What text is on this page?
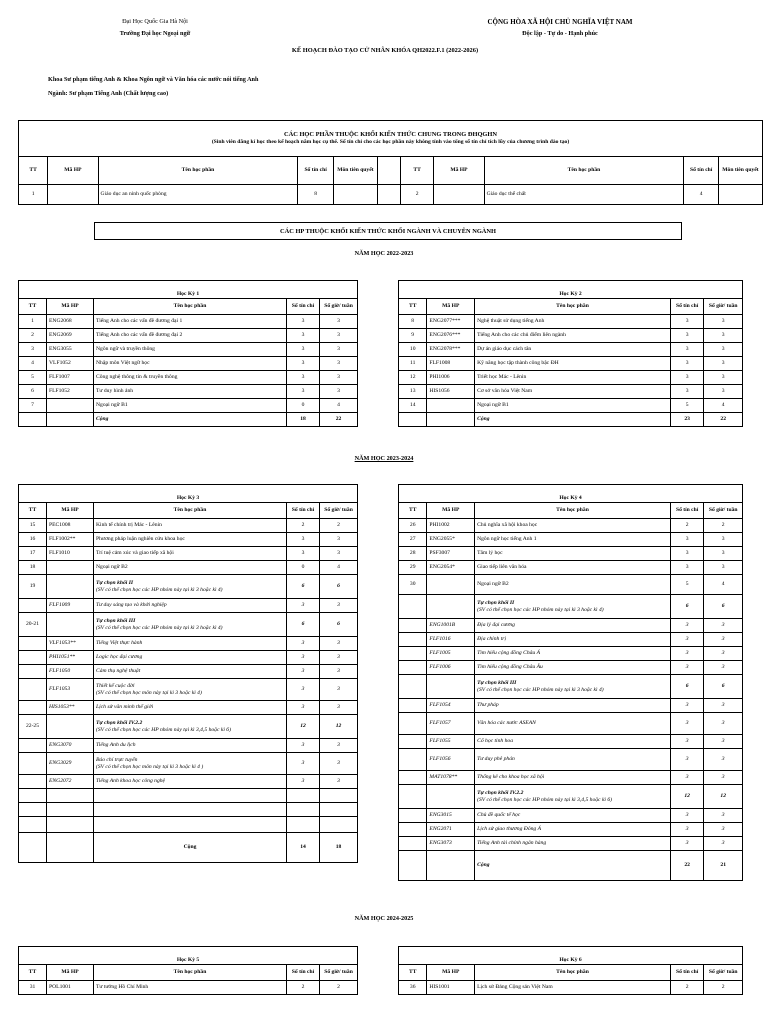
Đại Học Quốc Gia Hà Nội
Trường Đại học Ngoại ngữ
CỘNG HÒA XÃ HỘI CHỦ NGHĨA VIỆT NAM
Độc lập - Tự do - Hạnh phúc
KẾ HOẠCH ĐÀO TẠO CỬ NHÂN KHÓA QH2022.F.1 (2022-2026)
Khoa Sư phạm tiếng Anh & Khoa Ngôn ngữ và Văn hóa các nước nói tiếng Anh
Ngành: Sư phạm Tiếng Anh (Chất lượng cao)
CÁC HỌC PHẦN THUỘC KHỐI KIẾN THỨC CHUNG TRONG ĐHQGHN
(Sinh viên đăng kí học theo kế hoạch năm học cụ thể. Số tín chỉ cho các học phần này không tính vào tổng số tín chỉ tích lũy của chương trình đào tạo)										

TT	Mã HP	Tên học phần	Số tín chỉ	Môn tiên quyết		TT	Mã HP	Tên học phần	Số tín chỉ	Môn tiên quyết
1		Giáo dục an ninh quốc phòng	8			2		Giáo dục thể chất	4	
CÁC HP THUỘC KHỐI KIẾN THỨC KHỐI NGÀNH VÀ CHUYÊN NGÀNH
NĂM HỌC 2022-2023
NĂM HỌC 2023-2024
NĂM HỌC 2024-2025
Học Kỳ 1				
TT	Mã HP	Tên học phần	Số tín chỉ	Số giờ/ tuần
1	ENG2068	Tiếng Anh cho các vấn đề đương đại 1	3	3
2	ENG2069	Tiếng Anh cho các vấn đề đương đại 2	3	3
3	ENG3055	Ngôn ngữ và truyền thông	3	3
4	VLF1052	Nhập môn Việt ngữ học	3	3
5	FLF1007	Công nghệ thông tin & truyền thông	3	3
6	FLF1052	Tư duy hình ảnh	3	3
7		Ngoại ngữ B1	0	4
		Cộng	18	22
Học Kỳ 2				
TT	Mã HP	Tên học phần	Số tín chỉ	Số giờ/ tuần
8	ENG2077***	Nghệ thuật sử dụng tiếng Anh	3	3
9	ENG2076***	Tiếng Anh cho các chủ điểm liên ngành	3	3
10	ENG2078***	Dự án giáo dục cách tân	3	3
11	FLF1008	Kỹ năng học tập thành công bậc ĐH	3	3
12	PHI1006	Triết học Mác - Lênin	3	3
13	HIS1056	Cơ sở văn hóa Việt Nam	3	3
14		Ngoại ngữ B1	5	4
		Cộng	23	22
Học Kỳ 3				
TT	Mã HP	Tên học phần	Số tín chỉ	Số giờ/ tuần
15	PEC1008	Kinh tế chính trị Mác - Lênin	2	2
16	FLF1002**	Phương pháp luận nghiên cứu khoa học	3	3
17	FLF1010	Trí tuệ cảm xúc và giao tiếp xã hội	3	3
18		Ngoại ngữ B2	0	4
19		Tự chọn khối II
(SV có thể chọn học các HP nhóm này tại kì 3 hoặc kì 4)	6	6
	FLF1009	Tư duy sáng tạo và khởi nghiệp	3	3
20-21		Tự chọn khối III
(SV có thể chọn học các HP nhóm này tại kì 3 hoặc kì 4)	6	6
	VLF1053**	Tiếng Việt thực hành	3	3
	PHI1051**	Logic học đại cương	3	3
	FLF1050	Cảm thụ nghệ thuật	3	3
	FLF1053	Thiết kế cuộc đời
(SV có thể chọn học môn này tại kì 3 hoặc kì 4)	3	3
	HIS1053**	Lịch sử văn minh thế giới	3	3
22-25		Tự chọn khối IV.2.2
(SV có thể chọn học các HP nhóm này tại kì 3,4,5 hoặc kì 6)	12	12
	ENG3070	Tiếng Anh du lịch	3	3
	ENG3029	Báo chí trực tuyến
(SV có thể chọn học môn này tại kì 3 hoặc kì 4 )	3	3
	ENG2072	Tiếng Anh khoa học công nghệ	3	3

		Cộng	14	18
Học Kỳ 4				
TT	Mã HP	Tên học phần	Số tín chỉ	Số giờ/ tuần
26	PHI1002	Chủ nghĩa xã hội khoa học	2	2
27	ENG2055*	Ngôn ngữ học tiếng Anh 1	3	3
28	PSF3007	Tâm lý học	3	3
29	ENG2054*	Giao tiếp liên văn hóa	3	3
30		Ngoại ngữ B2	5	4

		Tự chọn khối II
(SV có thể chọn học các HP nhóm này tại kì 3 hoặc kì 4)	6	6
	ENG1001B	Địa lý đại cương	3	3
	FLF1016	Địa chính trị	3	3
	FLF1005	Tìm hiểu cộng đồng Châu Á	3	3
	FLF1006	Tìm hiểu cộng đồng Châu Âu	3	3

		Tự chọn khối III
(SV có thể chọn học các HP nhóm này tại kì 3 hoặc kì 4)	6	6
	FLF1054	Thư pháp	3	3
	FLF1057	Văn hóa các nước ASEAN	3	3
	FLF1055	Cổ học tinh hoa	3	3
	FLF1056	Tư duy phê phán	3	3
	MAT1078**	Thống kê cho khoa học xã hội	3	3

		Tự chọn khối IV.2.2
(SV có thể chọn học các HP nhóm này tại kì 3,4,5 hoặc kì 6)	12	12
	ENG3015	Chủ đề quốc tế học	3	3
	ENG2071	Lịch sử giao thương Đông Á	3	3
	ENG3073	Tiếng Anh tài chính ngân hàng	3	3
		Cộng	22	21
Học Kỳ 5				
TT	Mã HP	Tên học phần	Số tín chỉ	Số giờ/ tuần
31	POL1001	Tư tưởng Hồ Chí Minh	2	2
Học Kỳ 6				
TT	Mã HP	Tên học phần	Số tín chỉ	Số giờ/ tuần
36	HIS1001	Lịch sử Đảng Cộng sản Việt Nam	2	2
